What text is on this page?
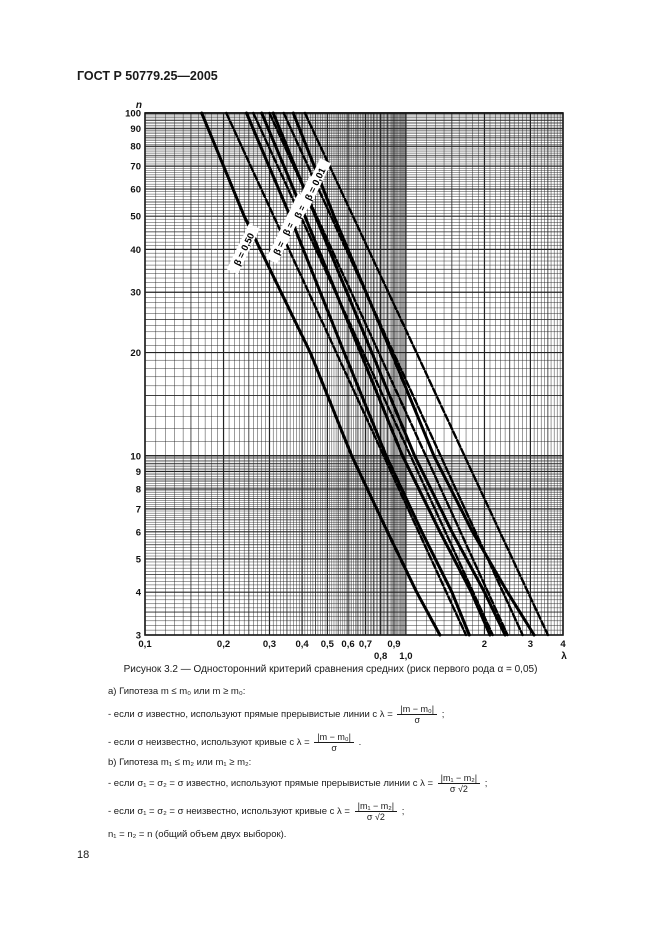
ГОСТ Р 50779.25—2005
3
4
5
6
7
8
9
10
20
30
40
50
60
70
80
90
100
0,1	0,2	0,3 0,4 0,5 0,6 0,7
0,8 1,0
0,9	2	3	4
n
λ
β = 0,50 β =
β =
β =
β = 0,01
Рисунок 3.2 — Односторонний критерий сравнения средних (риск первого рода α = 0,05)
а) Гипотеза m ≤ m₀ или m ≥ m₀:
- если σ известно, используют прямые прерывистые линии с $\lambda = \frac{\text{|m − m₀|}}{\sigma}$ ;
- если σ неизвестно, используют кривые с $\lambda = \frac{\text{|m − m₀|}}{\sigma}$ .
b) Гипотеза m₁ ≤ m₂ или m₁ ≥ m₂:
- если σ₁ = σ₂ = σ известно, используют прямые прерывистые линии с $\lambda = \frac{\text{|m₁ − m₂|}}{\sigma √2}$ ;
- если σ₁ = σ₂ = σ неизвестно, используют кривые с $\lambda = \frac{\text{|m₁ − m₂|}}{\sigma √2}$ ;
n₁ = n₂ = n (общий объем двух выборок).
18
